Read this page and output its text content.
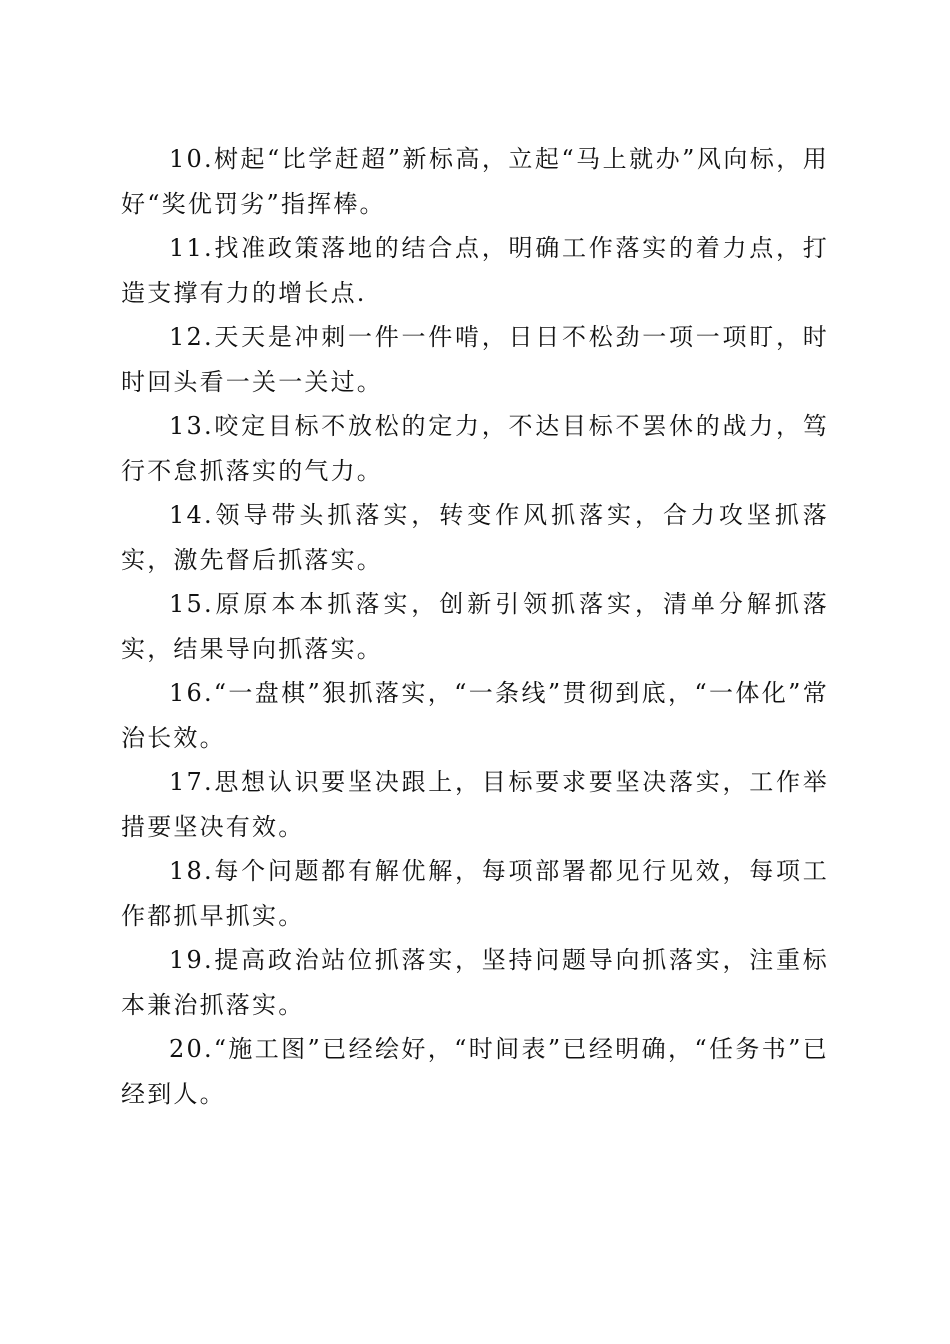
10.树起“比学赶超”新标高，立起“马上就办”风向标，用好“奖优罚劣”指挥棒。

11.找准政策落地的结合点，明确工作落实的着力点，打造支撑有力的增长点.

12.天天是冲刺一件一件啃，日日不松劲一项一项盯，时时回头看一关一关过。

13.咬定目标不放松的定力，不达目标不罢休的战力，笃行不怠抓落实的气力。

14.领导带头抓落实，转变作风抓落实，合力攻坚抓落实，激先督后抓落实。

15.原原本本抓落实，创新引领抓落实，清单分解抓落实，结果导向抓落实。

16.“一盘棋”狠抓落实，“一条线”贯彻到底，“一体化”常治长效。

17.思想认识要坚决跟上，目标要求要坚决落实，工作举措要坚决有效。

18.每个问题都有解优解，每项部署都见行见效，每项工作都抓早抓实。

19.提高政治站位抓落实，坚持问题导向抓落实，注重标本兼治抓落实。

20.“施工图”已经绘好，“时间表”已经明确，“任务书”已经到人。
